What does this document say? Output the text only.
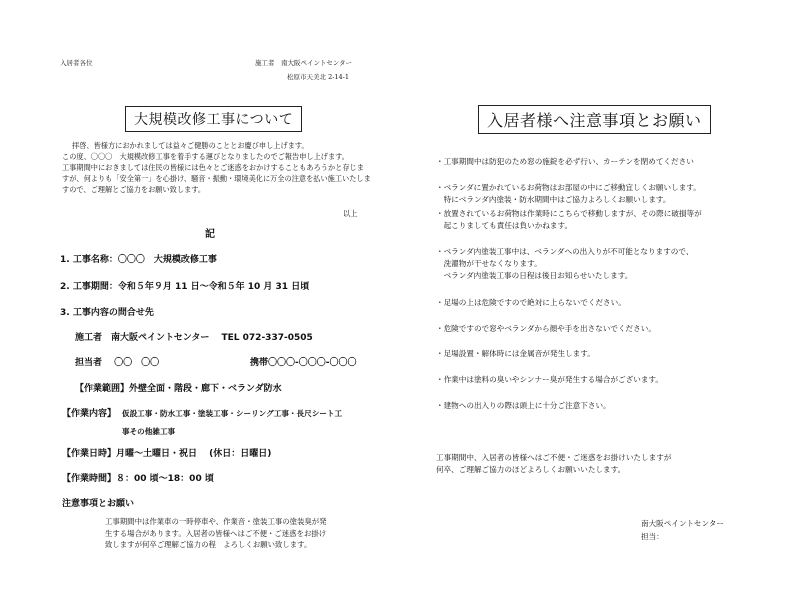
入居者各位	施工者　南大阪ペイントセンター
松原市天美北 2-14-1
大規模改修工事について

拝啓、皆様方におかれましては益々ご健勝のこととお慶び申し上げます。

この度、〇〇〇　大規模改修工事を着手する運びとなりましたのでご報告申し上げます。

工事期間中におきましては住民の皆様には色々とご迷惑をおかけすることもあろうかと存じま

すが、何よりも「安全第一」を心掛け、騒音・振動・環境美化に万全の注意を払い施工いたしま

すので、ご理解とご協力をお願い致します。

以上
記
1. 工事名称：〇〇〇　大規模改修工事
2. 工事期間：令和５年９月 11 日〜令和５年 10 月 31 日頃
3. 工事内容の問合せ先
施工者　南大阪ペイントセンター　 TEL 072-337-0505
担当者　 〇〇　〇〇	携帯〇〇〇-〇〇〇-〇〇〇
【作業範囲】外壁全面・階段・廊下・ベランダ防水
【作業内容】 仮設工事・防水工事・塗装工事・シーリング工事・長尺シート工
事その他雑工事
【作業日時】月曜〜土曜日・祝日　 (休日：日曜日)
【作業時間】８：00 頃〜18：00 頃
注意事項とお願い

工事期間中は作業車の一時停車や、作業音・塗装工事の塗装臭が発

生する場合があります。入居者の皆様へはご不便・ご迷惑をお掛け

致しますが何卒ご理解ご協力の程　よろしくお願い致します。

入居者様へ注意事項とお願い

・工事期間中は防犯のため窓の施錠を必ず行い、カーテンを閉めてください

・ベランダに置かれているお荷物はお部屋の中にご移動宜しくお願いします。

　特にベランダ内塗装・防水期間中はご協力よろしくお願いします。

・放置されているお荷物は作業時にこちらで移動しますが、その際に破損等が

　起こりましても責任は負いかねます。

・ベランダ内塗装工事中は、ベランダへの出入りが不可能となりますので、

　洗濯物が干せなくなります。

　ベランダ内塗装工事の日程は後日お知らせいたします。

・足場の上は危険ですので絶対に上らないでください。

・危険ですので窓やベランダから顔や手を出さないでください。

・足場設置・解体時には金属音が発生します。

・作業中は塗料の臭いやシンナー臭が発生する場合がございます。

・建物への出入りの際は頭上に十分ご注意下さい。

工事期間中、入居者の皆様へはご不便・ご迷惑をお掛けいたしますが

何卒、ご理解ご協力のほどよろしくお願いいたします。

南大阪ペイントセンター
担当：
